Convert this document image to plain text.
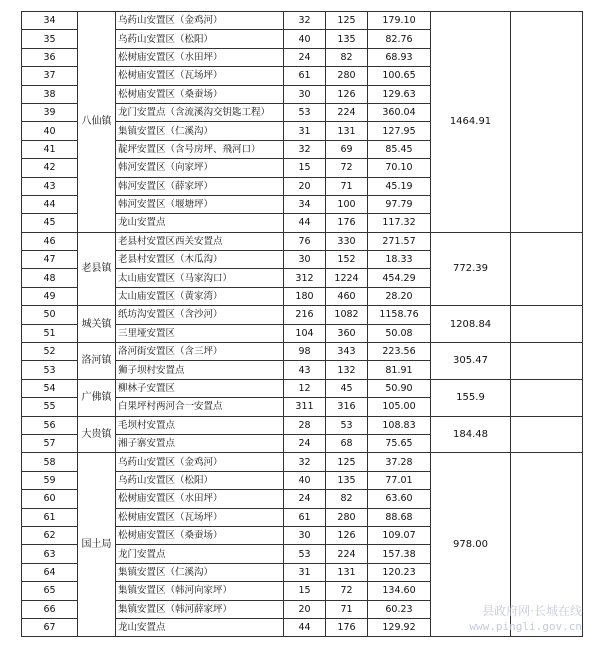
34	八仙镇	乌药山安置区（金鸡河）	32	125	179.10	1464.91	
35		乌药山安置区（松阳）	40	135	82.76		
36		松树庙安置区（水田坪）	24	82	68.93		
37		松树庙安置区（瓦场坪）	61	280	100.65		
38		松树庙安置区（桑蚕场）	30	126	129.63		
39		龙门安置点（含流溪沟交钥匙工程）	53	224	360.04		
40		集镇安置区（仁溪沟）	31	131	127.95		
41		靛坪安置区（含号房坪、飛河口）	32	69	85.45		
42		韩河安置区（向家坪）	15	72	70.10		
43		韩河安置区（薛家坪）	20	71	45.19		
44		韩河安置区（堰塘坪）	34	100	97.79		
45		龙山安置点	44	176	117.32		
46	老县镇	老县村安置区西关安置点	76	330	271.57	772.39	
47		老县村安置区（木瓜沟）	30	152	18.33		
48		太山庙安置区（马家沟口）	312	1224	454.29		
49		太山庙安置区（黄家湾）	180	460	28.20		
50	城关镇	纸坊沟安置区（含沙河）	216	1082	1158.76	1208.84	
51		三里垭安置区	104	360	50.08		
52	洛河镇	洛河街安置区（含三坪）	98	343	223.56	305.47	
53		狮子坝村安置点	43	132	81.91		
54	广佛镇	柳林子安置区	12	45	50.90	155.9	
55		白果坪村两河合一安置点	311	316	105.00		
56	大贵镇	毛坝村安置点	28	53	108.83	184.48	
57		湘子寨安置点	24	68	75.65		
58	国土局	乌药山安置区（金鸡河）	32	125	37.28	978.00	
59		乌药山安置区（松阳）	40	135	77.01		
60		松树庙安置区（水田坪）	24	82	63.60		
61		松树庙安置区（瓦场坪）	61	280	88.68		
62		松树庙安置区（桑蚕场）	30	126	109.07		
63		龙门安置点	53	224	157.38		
64		集镇安置区（仁溪沟）	31	131	120.23		
65		集镇安置区（韩河向家坪）	15	72	134.60		
66		集镇安置区（韩河薛家坪）	20	71	60.23		
67		龙山安置点	44	176	129.92		
县政府网·长城在线
www.pingli.gov.cn
